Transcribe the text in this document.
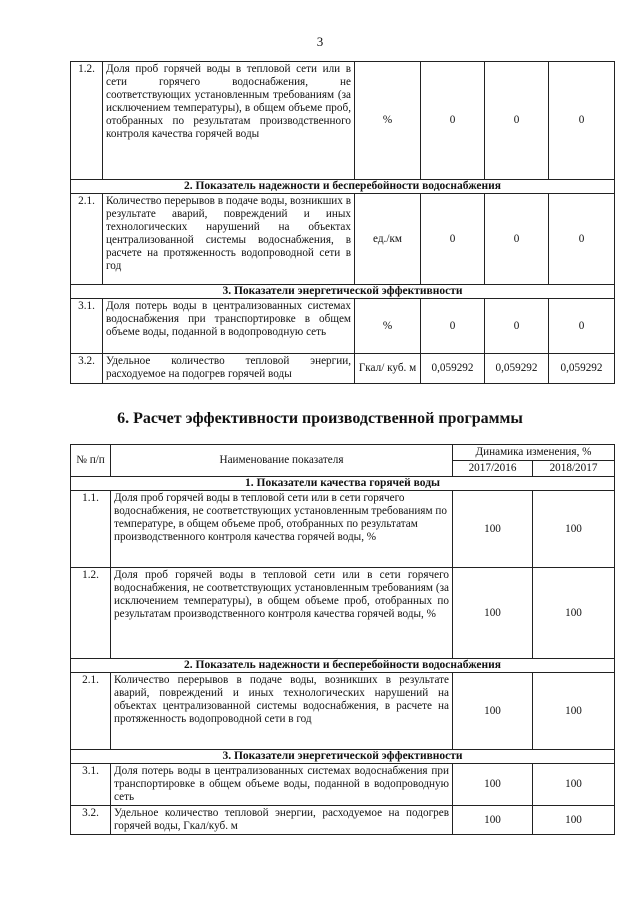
3
1.2.	Доля проб горячей воды в тепловой сети или в сети горячего водоснабжения, не соответствующих установленным требованиям (за исключением температуры), в общем объеме проб, отобранных по результатам производственного контроля качества горячей воды	%	0	0	0
2. Показатель надежности и бесперебойности водоснабжения					
2.1.	Количество перерывов в подаче воды, возникших в результате аварий, повреждений и иных технологических нарушений на объектах централизованной системы водоснабжения, в расчете на протяженность водопроводной сети в год	ед./км	0	0	0
3. Показатели энергетической эффективности					
3.1.	Доля потерь воды в централизованных системах водоснабжения при транспортировке в общем объеме воды, поданной в водопроводную сеть	%	0	0	0
3.2.	Удельное количество тепловой энергии, расходуемое на подогрев горячей воды	Гкал/ куб. м	0,059292	0,059292	0,059292
6. Расчет эффективности производственной программы
№ п/п	Наименование показателя	Динамика изменения, %	
		2017/2016	2018/2017
1. Показатели качества горячей воды			
1.1.	Доля проб горячей воды в тепловой сети или в сети горячего водоснабжения, не соответствующих установленным требованиям по температуре, в общем объеме проб, отобранных по результатам производственного контроля качества горячей воды, %	100	100
1.2.	Доля проб горячей воды в тепловой сети или в сети горячего водоснабжения, не соответствующих установленным требованиям (за исключением температуры), в общем объеме проб, отобранных по результатам производственного контроля качества горячей воды, %	100	100
2. Показатель надежности и бесперебойности водоснабжения			
2.1.	Количество перерывов в подаче воды, возникших в результате аварий, повреждений и иных технологических нарушений на объектах централизованной системы водоснабжения, в расчете на протяженность водопроводной сети в год	100	100
3. Показатели энергетической эффективности			
3.1.	Доля потерь воды в централизованных системах водоснабжения при транспортировке в общем объеме воды, поданной в водопроводную сеть	100	100
3.2.	Удельное количество тепловой энергии, расходуемое на подогрев горячей воды, Гкал/куб. м	100	100
